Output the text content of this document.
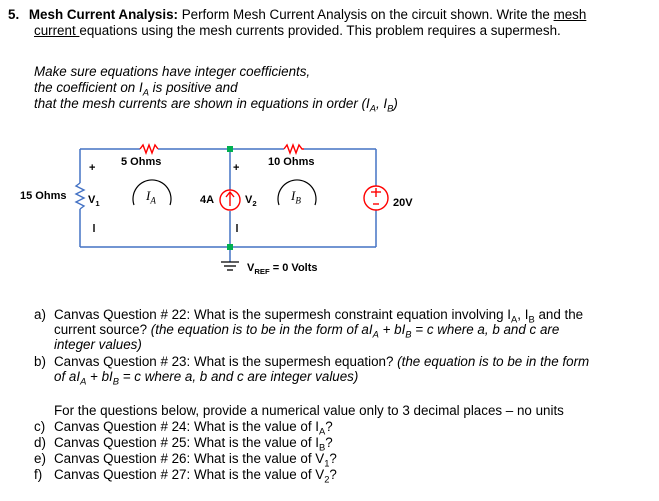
5. Mesh Current Analysis: Perform Mesh Current Analysis on the circuit shown. Write the mesh
current equations using the mesh currents provided. This problem requires a supermesh.
Make sure equations have integer coefficients,
the coefficient on $I_A$ is positive and
that the mesh currents are shown in equations in order ($I_A$, $I_B$)
5 Ohms	10 Ohms
15 Ohms
+
$V_1$
+
$V_2$
4A	20V
$I_A$	$I_B$
$V_{REF} = 0$ Volts
a) Canvas Question # 22: What is the supermesh constraint equation involving $I_A$, $I_B$ and the
current source? (the equation is to be in the form of $aI_A + bI_B = c$ where a, b and c are
integer values)
b) Canvas Question # 23: What is the supermesh equation? (the equation is to be in the form
of $aI_A + bI_B = c$ where a, b and c are integer values)
For the questions below, provide a numerical value only to 3 decimal places – no units
c) Canvas Question # 24: What is the value of $I_A$?
d) Canvas Question # 25: What is the value of $I_B$?
e) Canvas Question # 26: What is the value of $V_1$?
f) Canvas Question # 27: What is the value of $V_2$?
